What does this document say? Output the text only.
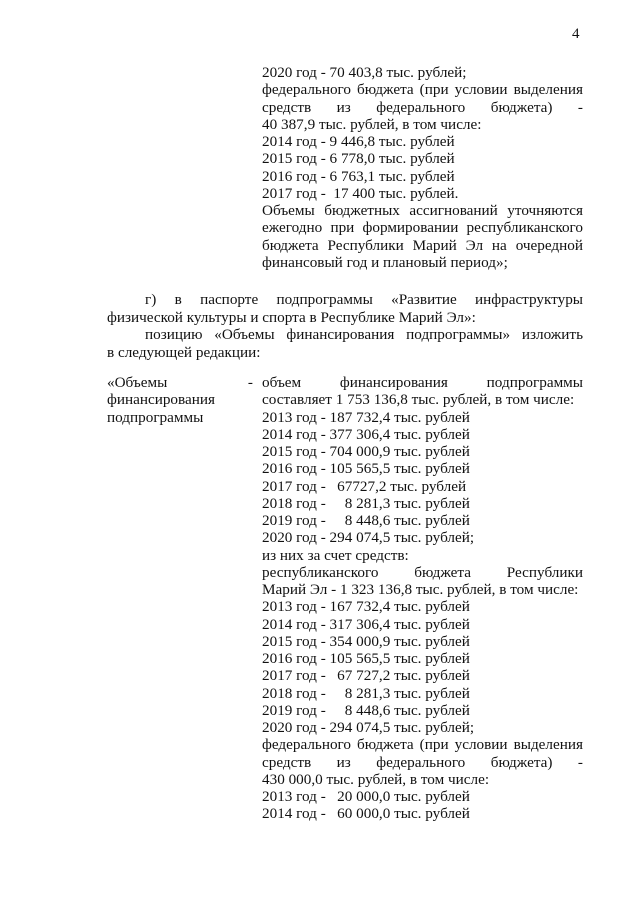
4
2020 год - 70 403,8 тыс. рублей;
федерального бюджета (при условии выделения
средств из федерального бюджета) -
40 387,9 тыс. рублей, в том числе:
2014 год - 9 446,8 тыс. рублей
2015 год - 6 778,0 тыс. рублей
2016 год - 6 763,1 тыс. рублей
2017 год -  17 400 тыс. рублей.
Объемы бюджетных ассигнований уточняются
ежегодно при формировании республиканского
бюджета Республики Марий Эл на очередной
финансовый год и плановый период»;
г) в паспорте подпрограммы «Развитие инфраструктуры
физической культуры и спорта в Республике Марий Эл»:
позицию «Объемы финансирования подпрограммы» изложить
в следующей редакции:
«Объемы -
финансирования
подпрограммы
объем финансирования подпрограммы
составляет 1 753 136,8 тыс. рублей, в том числе:
2013 год - 187 732,4 тыс. рублей
2014 год - 377 306,4 тыс. рублей
2015 год - 704 000,9 тыс. рублей
2016 год - 105 565,5 тыс. рублей
2017 год -   67727,2 тыс. рублей
2018 год -     8 281,3 тыс. рублей
2019 год -     8 448,6 тыс. рублей
2020 год - 294 074,5 тыс. рублей;
из них за счет средств:
республиканского бюджета Республики
Марий Эл - 1 323 136,8 тыс. рублей, в том числе:
2013 год - 167 732,4 тыс. рублей
2014 год - 317 306,4 тыс. рублей
2015 год - 354 000,9 тыс. рублей
2016 год - 105 565,5 тыс. рублей
2017 год -   67 727,2 тыс. рублей
2018 год -     8 281,3 тыс. рублей
2019 год -     8 448,6 тыс. рублей
2020 год - 294 074,5 тыс. рублей;
федерального бюджета (при условии выделения
средств из федерального бюджета) -
430 000,0 тыс. рублей, в том числе:
2013 год -   20 000,0 тыс. рублей
2014 год -   60 000,0 тыс. рублей
